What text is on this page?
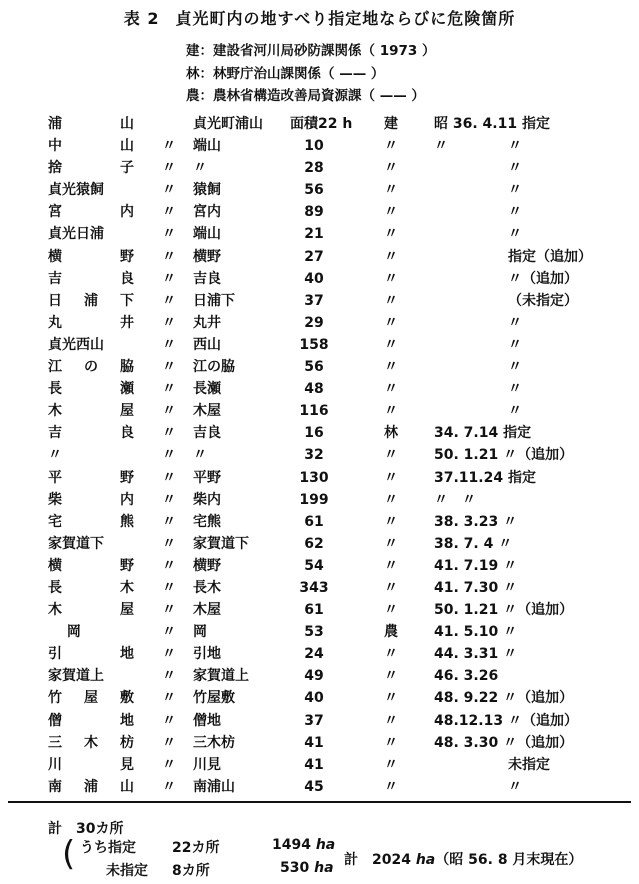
表 2 貞光町内の地すべり指定地ならびに危険箇所
建：建設省河川局砂防課関係（ 1973 ）
林：林野庁治山課関係（ —— ）
農：農林省構造改善局資源課（ —— ）
浦	山	貞光町浦山 面積22 h 建	昭 36. 4.11 指定
中	山 〃 端山	10	〃	〃	〃
捨	子 〃 〃	28	〃	〃
貞光猿飼	〃 猿飼	56	〃	〃
宮	内 〃 宮内	89	〃	〃
貞光日浦	〃 端山	21	〃	〃
横	野 〃 横野	27	〃	指定（追加）
吉	良 〃 吉良	40	〃	〃（追加）
日 浦 下 〃 日浦下	37	〃	（未指定）
丸	井 〃 丸井	29	〃	〃
貞光西山	〃 西山	158	〃	〃
江 の 脇 〃 江の脇	56	〃	〃
長	瀬 〃 長瀬	48	〃	〃
木	屋 〃 木屋	116	〃	〃
吉	良 〃 吉良	16	林	34. 7.14 指定
〃	〃 〃	32	〃	50. 1.21 〃（追加）
平	野 〃 平野	130	〃	37.11.24 指定
柴	内 〃 柴内	199	〃	〃　〃
宅	熊 〃 宅熊	61	〃	38. 3.23 〃
家賀道下	〃 家賀道下	62	〃	38. 7. 4 〃
横	野 〃 横野	54	〃	41. 7.19 〃
長	木 〃 長木	343	〃	41. 7.30 〃
木	屋 〃 木屋	61	〃	50. 1.21 〃（追加）
　 岡	〃 岡	53	農	41. 5.10 〃
引	地 〃 引地	24	〃	44. 3.31 〃
家賀道上	〃 家賀道上	49	〃	46. 3.26
竹 屋 敷 〃 竹屋敷	40	〃	48. 9.22 〃（追加）
僧	地 〃 僧地	37	〃	48.12.13 〃（追加）
三 木 枋 〃 三木枋	41	〃	48. 3.30 〃（追加）
川	見 〃 川見	41	〃	未指定
南 浦 山 〃 南浦山	45	〃	〃
計　30カ所
( うち指定	22カ所	1494 ha
未指定 8カ所	530 ha 計　2024 ha（昭 56. 8 月末現在）
